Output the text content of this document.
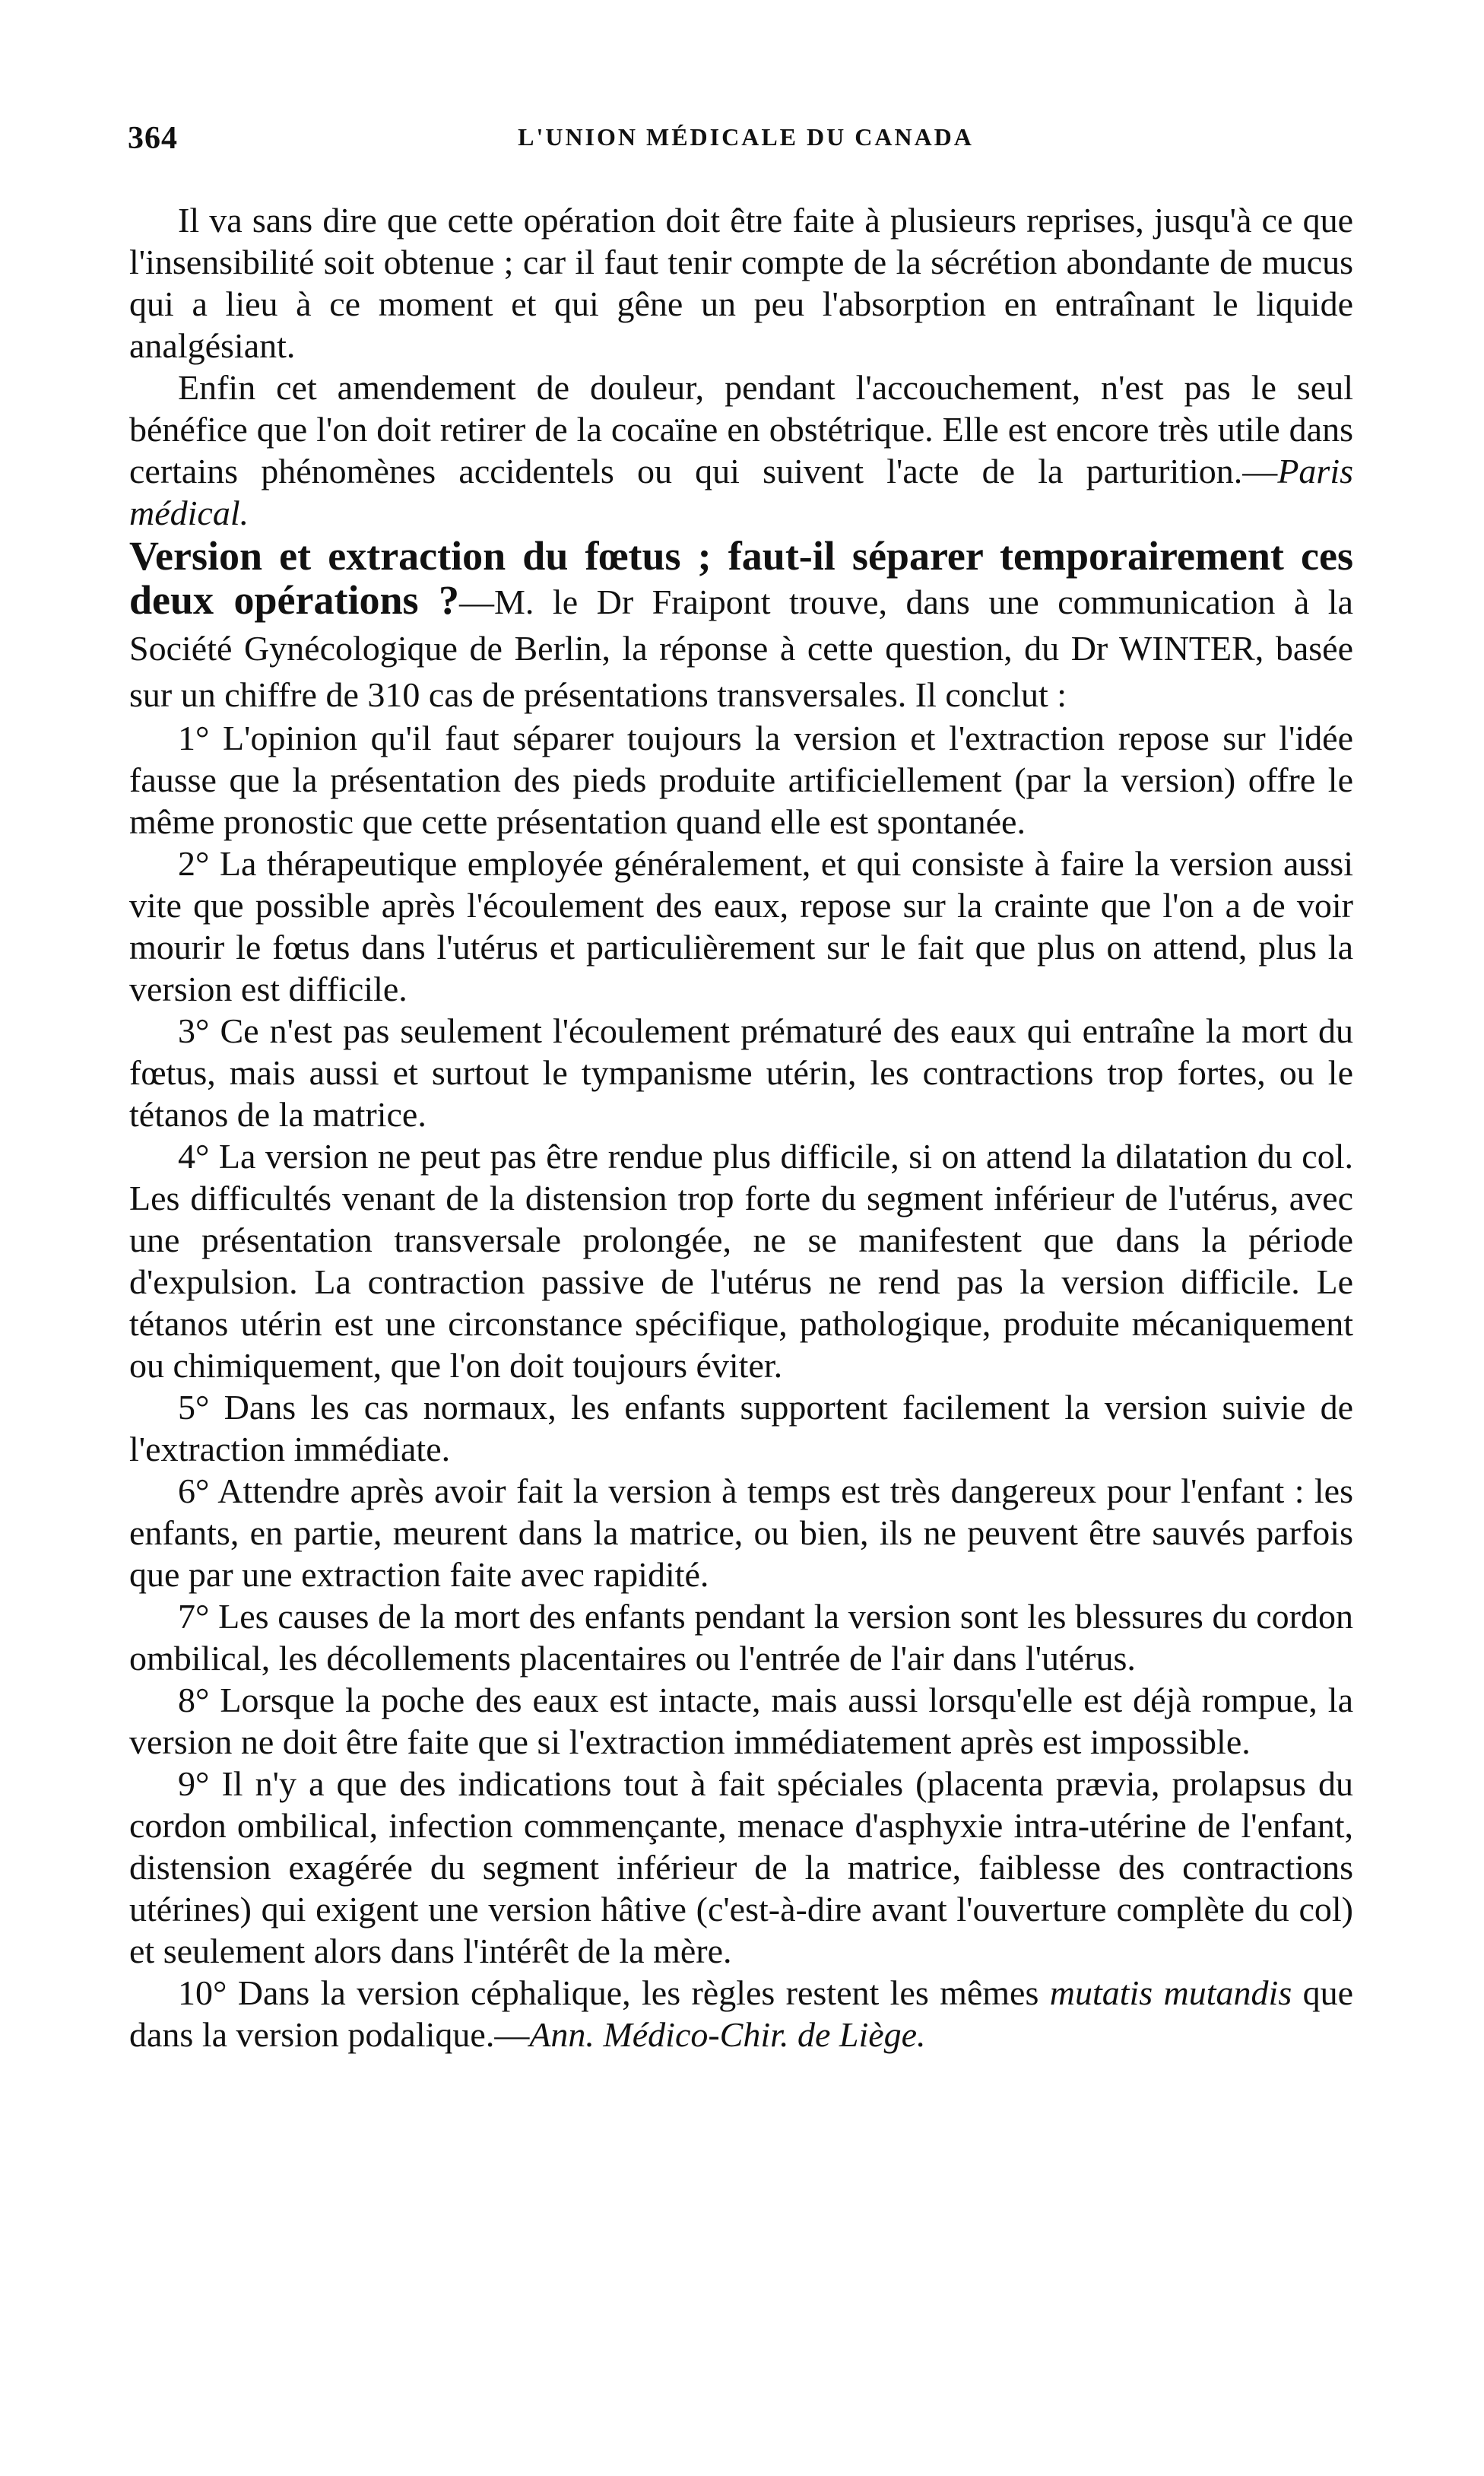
364	L'UNION MÉDICALE DU CANADA

Il va sans dire que cette opération doit être faite à plusieurs reprises, jusqu'à ce que l'insensibilité soit obtenue ; car il faut tenir compte de la sécrétion abondante de mucus qui a lieu à ce moment et qui gêne un peu l'absorption en entraînant le liquide analgésiant.

Enfin cet amendement de douleur, pendant l'accouchement, n'est pas le seul bénéfice que l'on doit retirer de la cocaïne en obstétrique. Elle est encore très utile dans certains phénomènes accidentels ou qui suivent l'acte de la parturition.—Paris médical.

Version et extraction du fœtus ; faut-il séparer temporairement ces deux opérations ?—M. le Dr Fraipont trouve, dans une communication à la Société Gynécologique de Berlin, la réponse à cette question, du Dr WINTER, basée sur un chiffre de 310 cas de présentations transversales. Il conclut :

1° L'opinion qu'il faut séparer toujours la version et l'extraction repose sur l'idée fausse que la présentation des pieds produite artificiellement (par la version) offre le même pronostic que cette présentation quand elle est spontanée.

2° La thérapeutique employée généralement, et qui consiste à faire la version aussi vite que possible après l'écoulement des eaux, repose sur la crainte que l'on a de voir mourir le fœtus dans l'utérus et particulièrement sur le fait que plus on attend, plus la version est difficile.

3° Ce n'est pas seulement l'écoulement prématuré des eaux qui entraîne la mort du fœtus, mais aussi et surtout le tympanisme utérin, les contractions trop fortes, ou le tétanos de la matrice.

4° La version ne peut pas être rendue plus difficile, si on attend la dilatation du col. Les difficultés venant de la distension trop forte du segment inférieur de l'utérus, avec une présentation transversale prolongée, ne se manifestent que dans la période d'expulsion. La contraction passive de l'utérus ne rend pas la version difficile. Le tétanos utérin est une circonstance spécifique, pathologique, produite mécaniquement ou chimiquement, que l'on doit toujours éviter.

5° Dans les cas normaux, les enfants supportent facilement la version suivie de l'extraction immédiate.

6° Attendre après avoir fait la version à temps est très dangereux pour l'enfant : les enfants, en partie, meurent dans la matrice, ou bien, ils ne peuvent être sauvés parfois que par une extraction faite avec rapidité.

7° Les causes de la mort des enfants pendant la version sont les blessures du cordon ombilical, les décollements placentaires ou l'entrée de l'air dans l'utérus.

8° Lorsque la poche des eaux est intacte, mais aussi lorsqu'elle est déjà rompue, la version ne doit être faite que si l'extraction immédiatement après est impossible.

9° Il n'y a que des indications tout à fait spéciales (placenta prævia, prolapsus du cordon ombilical, infection commençante, menace d'asphyxie intra-utérine de l'enfant, distension exagérée du segment inférieur de la matrice, faiblesse des contractions utérines) qui exigent une version hâtive (c'est-à-dire avant l'ouverture complète du col) et seulement alors dans l'intérêt de la mère.

10° Dans la version céphalique, les règles restent les mêmes mutatis mutandis que dans la version podalique.—Ann. Médico-Chir. de Liège.
